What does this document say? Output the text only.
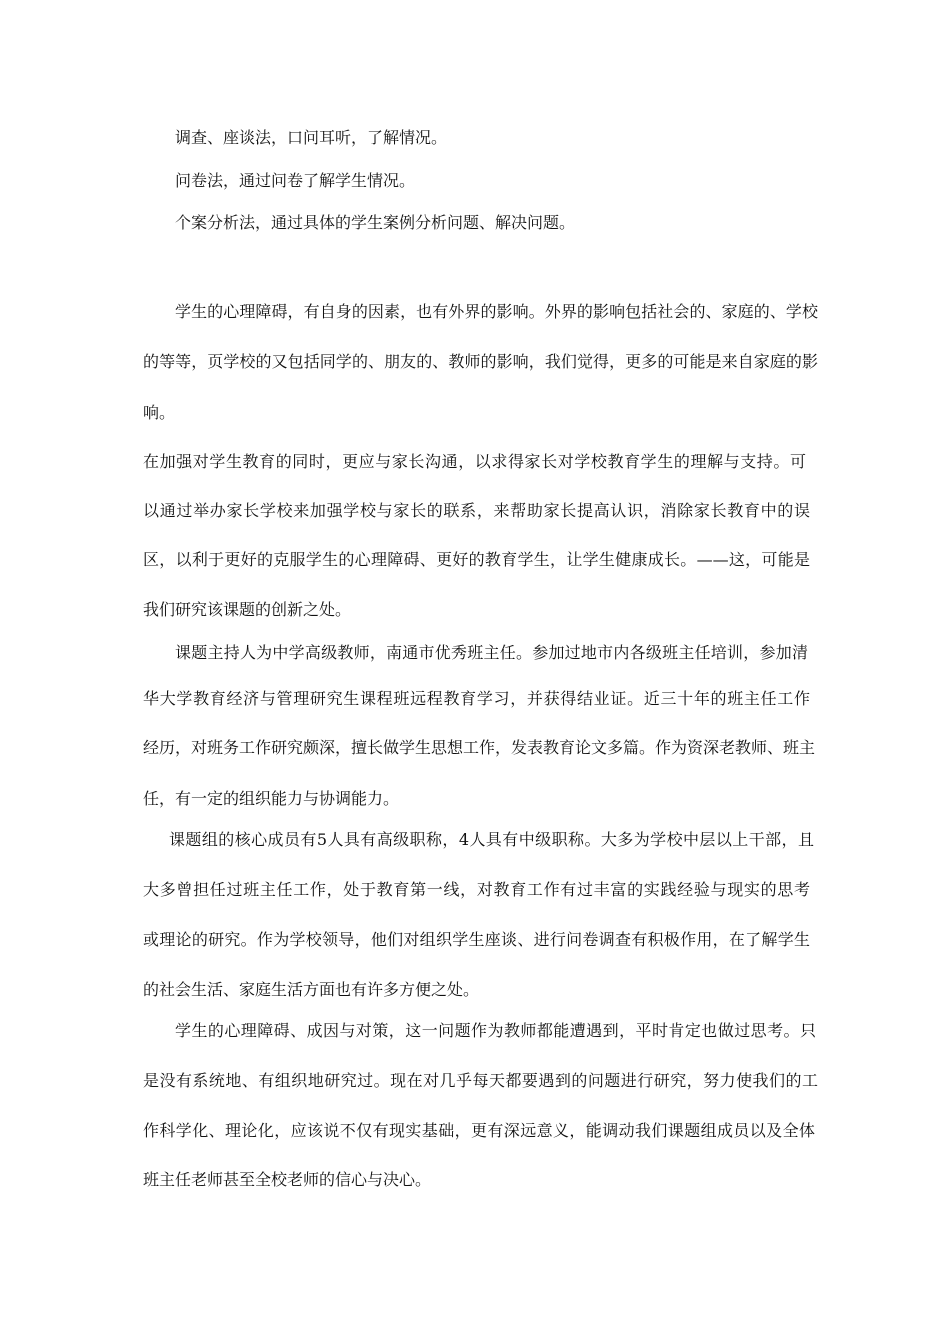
调查、座谈法，口问耳听，了解情况。
问卷法，通过问卷了解学生情况。
个案分析法，通过具体的学生案例分析问题、解决问题。
学生的心理障碍，有自身的因素，也有外界的影响。外界的影响包括社会的、家庭的、学校
的等等，页学校的又包括同学的、朋友的、教师的影响，我们觉得，更多的可能是来自家庭的影
响。
在加强对学生教育的同时，更应与家长沟通，以求得家长对学校教育学生的理解与支持。可
以通过举办家长学校来加强学校与家长的联系，来帮助家长提高认识，消除家长教育中的误
区，以利于更好的克服学生的心理障碍、更好的教育学生，让学生健康成长。——这，可能是
我们研究该课题的创新之处。
课题主持人为中学高级教师，南通市优秀班主任。参加过地市内各级班主任培训，参加清
华大学教育经济与管理研究生课程班远程教育学习，并获得结业证。近三十年的班主任工作
经历，对班务工作研究颇深，擅长做学生思想工作，发表教育论文多篇。作为资深老教师、班主
任，有一定的组织能力与协调能力。
课题组的核心成员有5人具有高级职称，4人具有中级职称。大多为学校中层以上干部，且
大多曾担任过班主任工作，处于教育第一线，对教育工作有过丰富的实践经验与现实的思考
或理论的研究。作为学校领导，他们对组织学生座谈、进行问卷调查有积极作用，在了解学生
的社会生活、家庭生活方面也有许多方便之处。
学生的心理障碍、成因与对策，这一问题作为教师都能遭遇到，平时肯定也做过思考。只
是没有系统地、有组织地研究过。现在对几乎每天都要遇到的问题进行研究，努力使我们的工
作科学化、理论化，应该说不仅有现实基础，更有深远意义，能调动我们课题组成员以及全体
班主任老师甚至全校老师的信心与决心。
